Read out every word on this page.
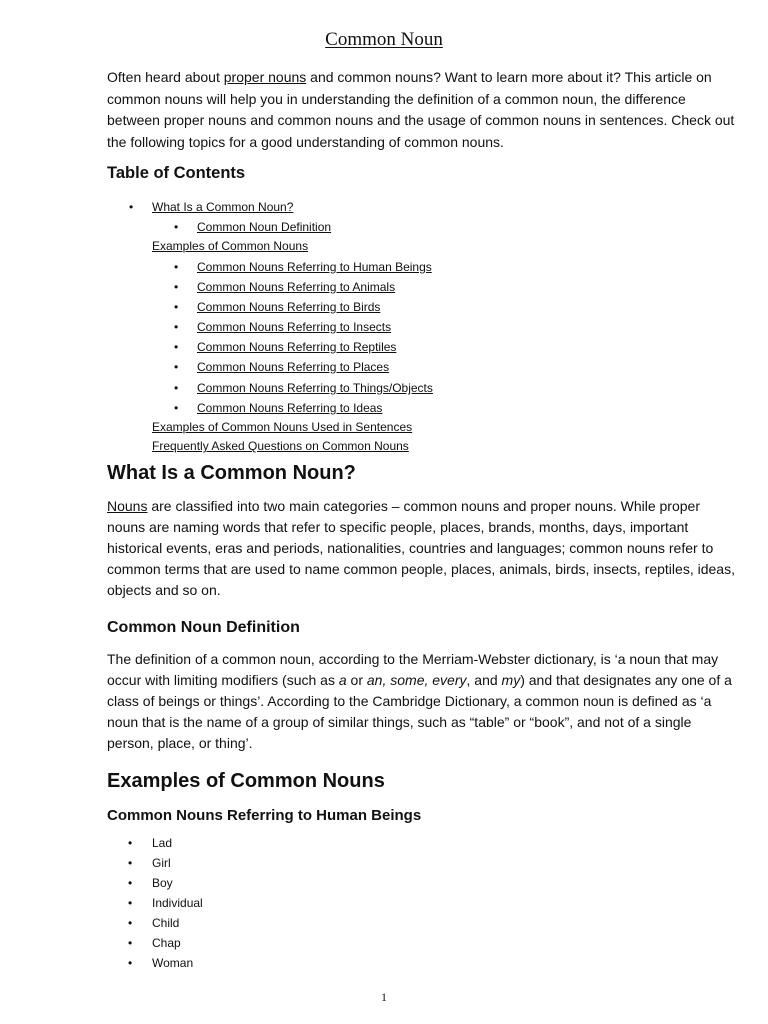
Common Noun

Often heard about proper nouns and common nouns? Want to learn more about it? This article on common nouns will help you in understanding the definition of a common noun, the difference between proper nouns and common nouns and the usage of common nouns in sentences. Check out the following topics for a good understanding of common nouns.

Table of Contents
• What Is a Common Noun?
• Common Noun Definition
Examples of Common Nouns
• Common Nouns Referring to Human Beings
• Common Nouns Referring to Animals
• Common Nouns Referring to Birds
• Common Nouns Referring to Insects
• Common Nouns Referring to Reptiles
• Common Nouns Referring to Places
• Common Nouns Referring to Things/Objects
• Common Nouns Referring to Ideas
Examples of Common Nouns Used in Sentences
Frequently Asked Questions on Common Nouns
What Is a Common Noun?

Nouns are classified into two main categories – common nouns and proper nouns. While proper nouns are naming words that refer to specific people, places, brands, months, days, important historical events, eras and periods, nationalities, countries and languages; common nouns refer to common terms that are used to name common people, places, animals, birds, insects, reptiles, ideas, objects and so on.

Common Noun Definition

The definition of a common noun, according to the Merriam-Webster dictionary, is ‘a noun that may occur with limiting modifiers (such as a or an, some, every, and my) and that designates any one of a class of beings or things’. According to the Cambridge Dictionary, a common noun is defined as ‘a noun that is the name of a group of similar things, such as “table” or “book”, and not of a single person, place, or thing’.

Examples of Common Nouns
Common Nouns Referring to Human Beings
• Lad
• Girl
• Boy
• Individual
• Child
• Chap
• Woman
1
